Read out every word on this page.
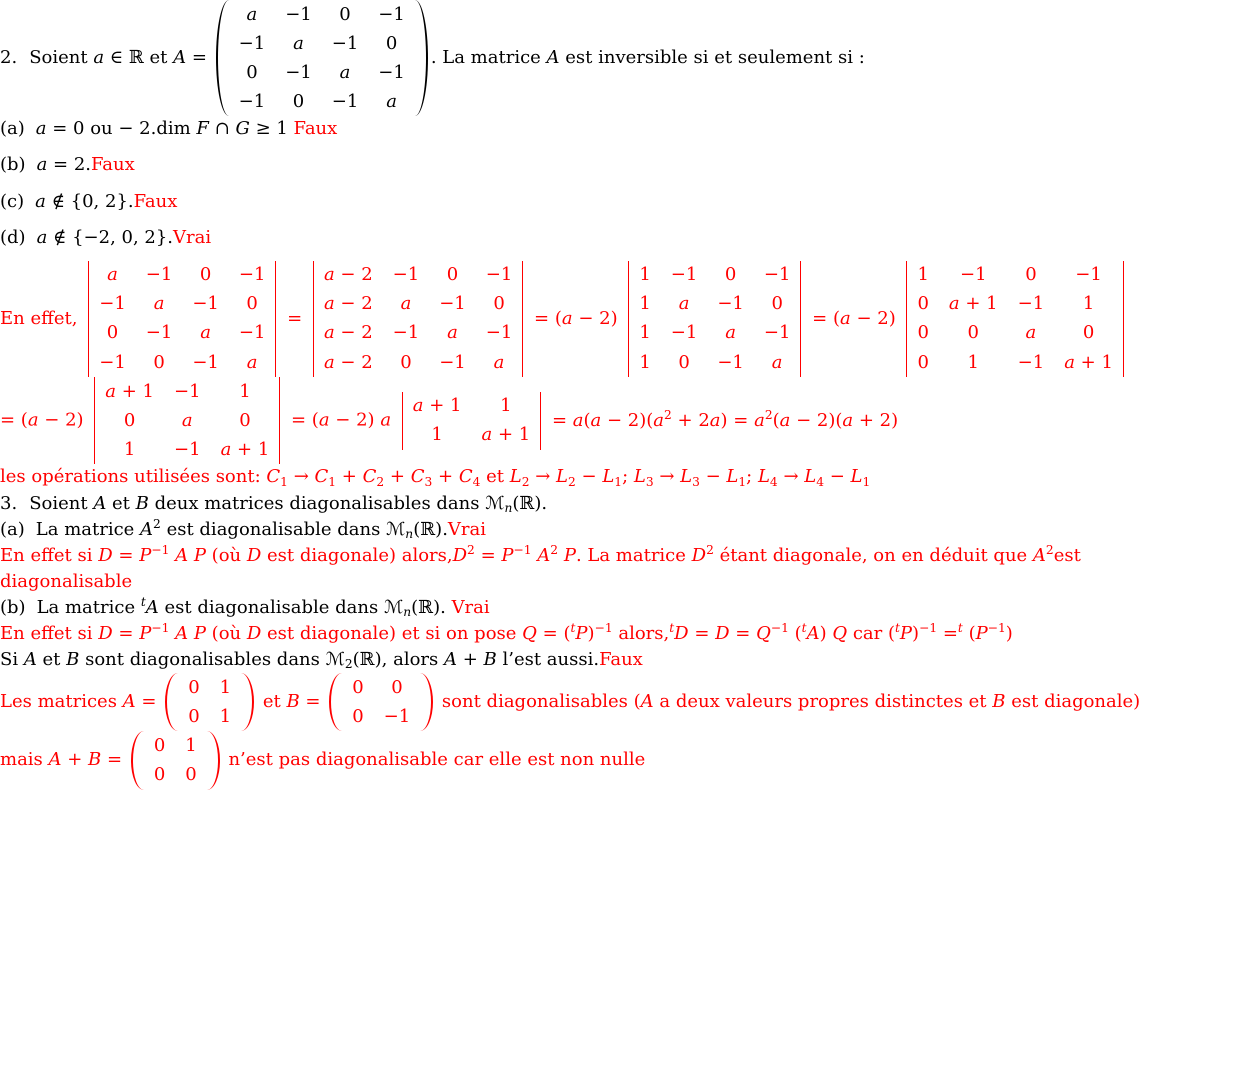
2. Soient a ∈ ℝ et A =
a	−1	0	−1
−1	a	−1	0
0	−1	a	−1
−1	0	−1	a
. La matrice A est inversible si et seulement si :

(a) a = 0 ou − 2.dim F ∩ G ≥ 1 Faux
(b) a = 2.Faux
(c) a ∉ {0, 2}.Faux
(d) a ∉ {−2, 0, 2}.Vrai

En effet,
a	−1	0	−1
−1	a	−1	0
0	−1	a	−1
−1	0	−1	a
=
a − 2	−1	0	−1
a − 2	a	−1	0
a − 2	−1	a	−1
a − 2	0	−1	a
= (a − 2)
1	−1	0	−1
1	a	−1	0
1	−1	a	−1
1	0	−1	a
= (a − 2)
1	−1	0	−1
0	a + 1	−1	1
0	0	a	0
0	1	−1	a + 1

= (a − 2)
a + 1	−1	1
0	a	0
1	−1	a + 1
= (a − 2) a
a + 1	1
1	a + 1
= $a(a - 2)(a^2 + 2a) = a^2(a - 2)(a + 2)$

les opérations utilisées sont: C1 → C1 + C2 + C3 + C4 et L2 → L2 − L1; L3 → L3 − L1; L4 → L4 − L1

3. Soient A et B deux matrices diagonalisables dans ℳn(ℝ).

(a) La matrice $A^2$ est diagonalisable dans ℳn(ℝ).Vrai

En effet si $D = P^{-1}$ A P (où D est diagonale) $alors,D^2 = P^{-1}$ $A^2$ P. La matrice $D^2$ étant diagonale, on en déduit que $A^2est$ diagonalisable

(b) La matrice $^t$A est diagonalisable dans ℳn(ℝ). Vrai

En effet si $D = P^{-1}$ A P (où D est diagonale) et si on pose $Q = (^tP)^{-1}$ alors,$^t$D = $D = Q^{-1}$ ($^t$A) Q car $(^tP)^{-1} =^t$ $(P^{-1})$

Si A et B sont diagonalisables dans ℳ2(ℝ), alors A + B l’est aussi.Faux

Les matrices A =
0	1
0	1
et B =
0	0
0	−1
sont diagonalisables (A a deux valeurs propres distinctes et B est diagonale)

mais A + B =
0	1
0	0
n’est pas diagonalisable car elle est non nulle
